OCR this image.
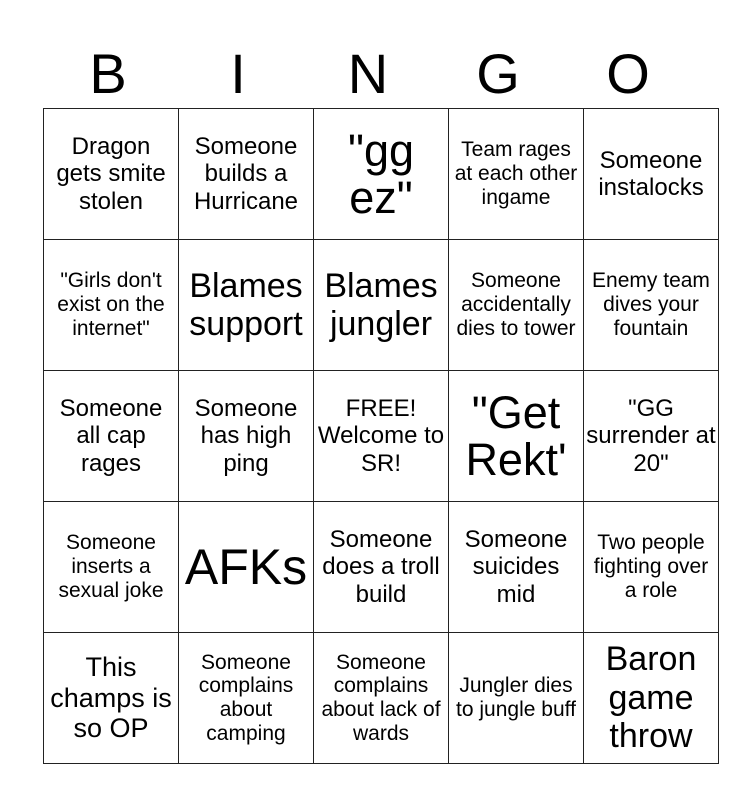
B	I	N	G	O
Dragon gets smite stolen	Someone builds a Hurricane	"gg ez"	Team rages at each other ingame	Someone instalocks
"Girls don't exist on the internet"	Blames support	Blames jungler	Someone accidentally dies to tower	Enemy team dives your fountain
Someone all cap rages	Someone has high ping	FREE! Welcome to SR!	"Get Rekt'	"GG surrender at 20"
Someone inserts a sexual joke	AFKs	Someone does a troll build	Someone suicides mid	Two people fighting over a role
This champs is so OP	Someone complains about camping	Someone complains about lack of wards	Jungler dies to jungle buff	Baron game throw
